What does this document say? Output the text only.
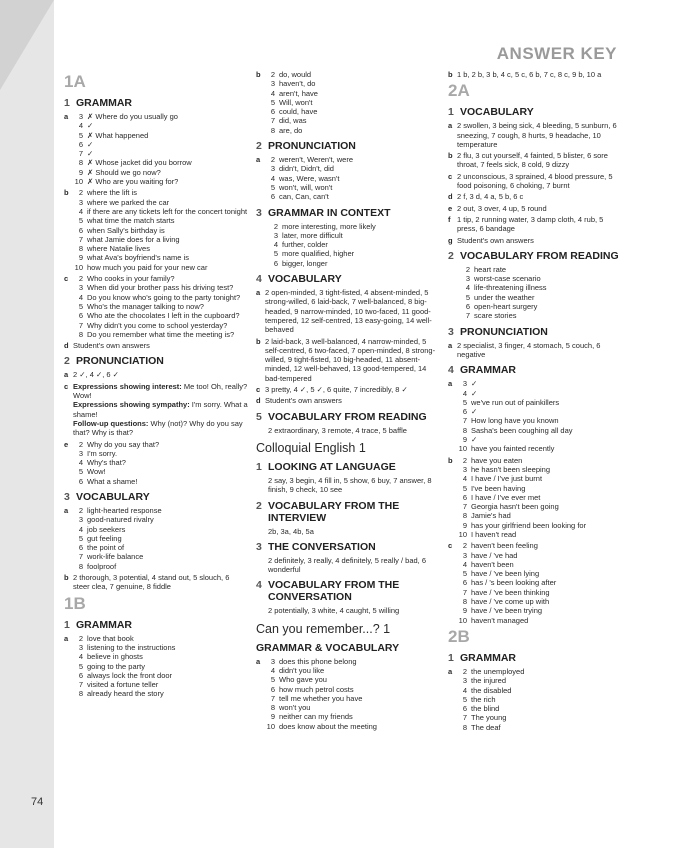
74
ANSWER KEY
1A
1 GRAMMAR
a	3 ✗ Where do you usually go
4 ✓
5 ✗ What happened
6 ✓
7 ✓
8 ✗ Whose jacket did you borrow
9 ✗ Should we go now?
10 ✗ Who are you waiting for?
b	2 where the lift is
3 where we parked the car
4 if there are any tickets left for the concert tonight
5 what time the match starts
6 when Sally's birthday is
7 what Jamie does for a living
8 where Natalie lives
9 what Ava's boyfriend's name is
10 how much you paid for your new car
c	2 Who cooks in your family?
3 When did your brother pass his driving test?
4 Do you know who's going to the party tonight?
5 Who's the manager talking to now?
6 Who ate the chocolates I left in the cupboard?
7 Why didn't you come to school yesterday?
8 Do you remember what time the meeting is?
d Student's own answers
2 PRONUNCIATION
a 2 ✓, 4 ✓, 6 ✓
c Expressions showing interest: Me too! Oh, really? Wow!
Expressions showing sympathy: I'm sorry. What a shame!
Follow-up questions: Why (not)? Why do you say that? Why is that?
e	2 Why do you say that?
3 I'm sorry.
4 Why's that?
5 Wow!
6 What a shame!
3 VOCABULARY
a	2 light-hearted response
3 good-natured rivalry
4 job seekers
5 gut feeling
6 the point of
7 work-life balance
8 foolproof
b 2 thorough, 3 potential, 4 stand out, 5 slouch, 6 steer clea, 7 genuine, 8 fiddle
1B
1 GRAMMAR
a	2 love that book
3 listening to the instructions
4 believe in ghosts
5 going to the party
6 always lock the front door
7 visited a fortune teller
8 already heard the story
b	2 do, would
3 haven't, do
4 aren't, have
5 Will, won't
6 could, have
7 did, was
8 are, do
2 PRONUNCIATION
a	2 weren't, Weren't, were
3 didn't, Didn't, did
4 was, Were, wasn't
5 won't, will, won't
6 can, Can, can't
3 GRAMMAR IN CONTEXT
2 more interesting, more likely
3 later, more difficult
4 further, colder
5 more qualified, higher
6 bigger, longer
4 VOCABULARY
a 2 open-minded, 3 tight-fisted, 4 absent-minded, 5 strong-willed, 6 laid-back, 7 well-balanced, 8 big-headed, 9 narrow-minded, 10 two-faced, 11 good-tempered, 12 self-centred, 13 easy-going, 14 well-behaved
b 2 laid-back, 3 well-balanced, 4 narrow-minded, 5 self-centred, 6 two-faced, 7 open-minded, 8 strong-willed, 9 tight-fisted, 10 big-headed, 11 absent-minded, 12 well-behaved, 13 good-tempered, 14 bad-tempered
c 3 pretty, 4 ✓, 5 ✓, 6 quite, 7 incredibly, 8 ✓
d Student's own answers
5 VOCABULARY FROM READING
2 extraordinary, 3 remote, 4 trace, 5 baffle
Colloquial English 1
1 LOOKING AT LANGUAGE
2 say, 3 begin, 4 fill in, 5 show, 6 buy, 7 answer, 8 finish, 9 check, 10 see
2 VOCABULARY FROM THE INTERVIEW
2b, 3a, 4b, 5a
3 THE CONVERSATION
2 definitely, 3 really, 4 definitely, 5 really / bad, 6 wonderful
4 VOCABULARY FROM THE CONVERSATION
2 potentially, 3 white, 4 caught, 5 willing
Can you remember...? 1
GRAMMAR & VOCABULARY
a	3 does this phone belong
4 didn't you like
5 Who gave you
6 how much petrol costs
7 tell me whether you have
8 won't you
9 neither can my friends
10 does know about the meeting
b 1 b, 2 b, 3 b, 4 c, 5 c, 6 b, 7 c, 8 c, 9 b, 10 a
2A
1 VOCABULARY
a 2 swollen, 3 being sick, 4 bleeding, 5 sunburn, 6 sneezing, 7 cough, 8 hurts, 9 headache, 10 temperature
b 2 flu, 3 cut yourself, 4 fainted, 5 blister, 6 sore throat, 7 feels sick, 8 cold, 9 dizzy
c 2 unconscious, 3 sprained, 4 blood pressure, 5 food poisoning, 6 choking, 7 burnt
d 2 f, 3 d, 4 a, 5 b, 6 c
e 2 out, 3 over, 4 up, 5 round
f 1 tip, 2 running water, 3 damp cloth, 4 rub, 5 press, 6 bandage
g Student's own answers
2 VOCABULARY FROM READING
2 heart rate
3 worst-case scenario
4 life-threatening illness
5 under the weather
6 open-heart surgery
7 scare stories
3 PRONUNCIATION
a 2 specialist, 3 finger, 4 stomach, 5 couch, 6 negative
4 GRAMMAR
a	3 ✓
4 ✓
5 we've run out of painkillers
6 ✓
7 How long have you known
8 Sasha's been coughing all day
9 ✓
10 have you fainted recently
b	2 have you eaten
3 he hasn't been sleeping
4 I have / I've just burnt
5 I've been having
6 I have / I've ever met
7 Georgia hasn't been going
8 Jamie's had
9 has your girlfriend been looking for
10 I haven't read
c	2 haven't been feeling
3 have / 've had
4 haven't been
5 have / 've been lying
6 has / 's been looking after
7 have / 've been thinking
8 have / 've come up with
9 have / 've been trying
10 haven't managed
2B
1 GRAMMAR
a	2 the unemployed
3 the injured
4 the disabled
5 the rich
6 the blind
7 The young
8 The deaf
